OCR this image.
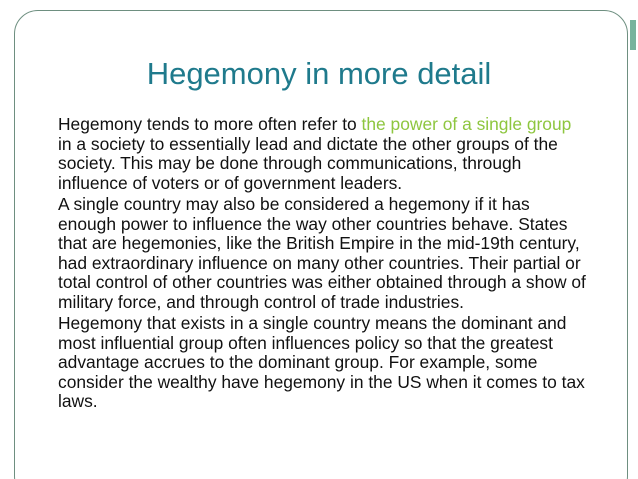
Hegemony in more detail

Hegemony tends to more often refer to the power of a single group in a society to essentially lead and dictate the other groups of the society. This may be done through communications, through influence of voters or of government leaders.

A single country may also be considered a hegemony if it has enough power to influence the way other countries behave. States that are hegemonies, like the British Empire in the mid-19th century, had extraordinary influence on many other countries. Their partial or total control of other countries was either obtained through a show of military force, and through control of trade industries.

Hegemony that exists in a single country means the dominant and most influential group often influences policy so that the greatest advantage accrues to the dominant group. For example, some consider the wealthy have hegemony in the US when it comes to tax laws.
